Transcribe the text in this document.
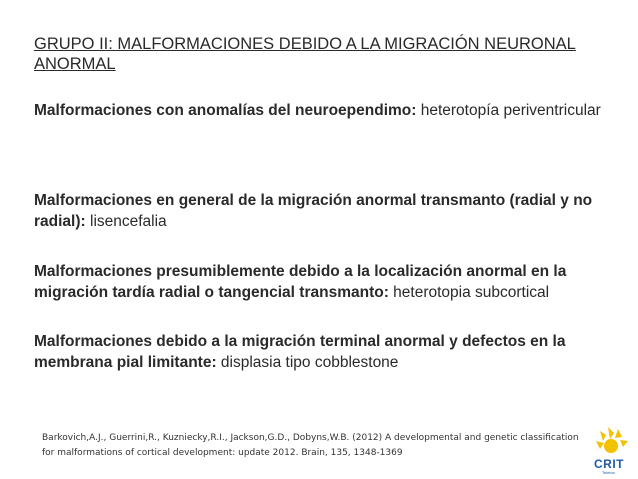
GRUPO II: MALFORMACIONES DEBIDO A LA MIGRACIÓN NEURONAL ANORMAL
Malformaciones con anomalías del neuroependimo: heterotopía periventricular
Malformaciones en general de la migración anormal transmanto (radial y no radial): lisencefalia
Malformaciones presumiblemente debido a la localización anormal en la migración tardía radial o tangencial transmanto: heterotopia subcortical
Malformaciones debido a la migración terminal anormal y defectos en la membrana pial limitante: displasia tipo cobblestone
Barkovich,A.J., Guerrini,R., Kuzniecky,R.I., Jackson,G.D., Dobyns,W.B. (2012) A developmental and genetic classification for malformations of cortical development: update 2012. Brain, 135, 1348-1369
CRIT
Teletón
